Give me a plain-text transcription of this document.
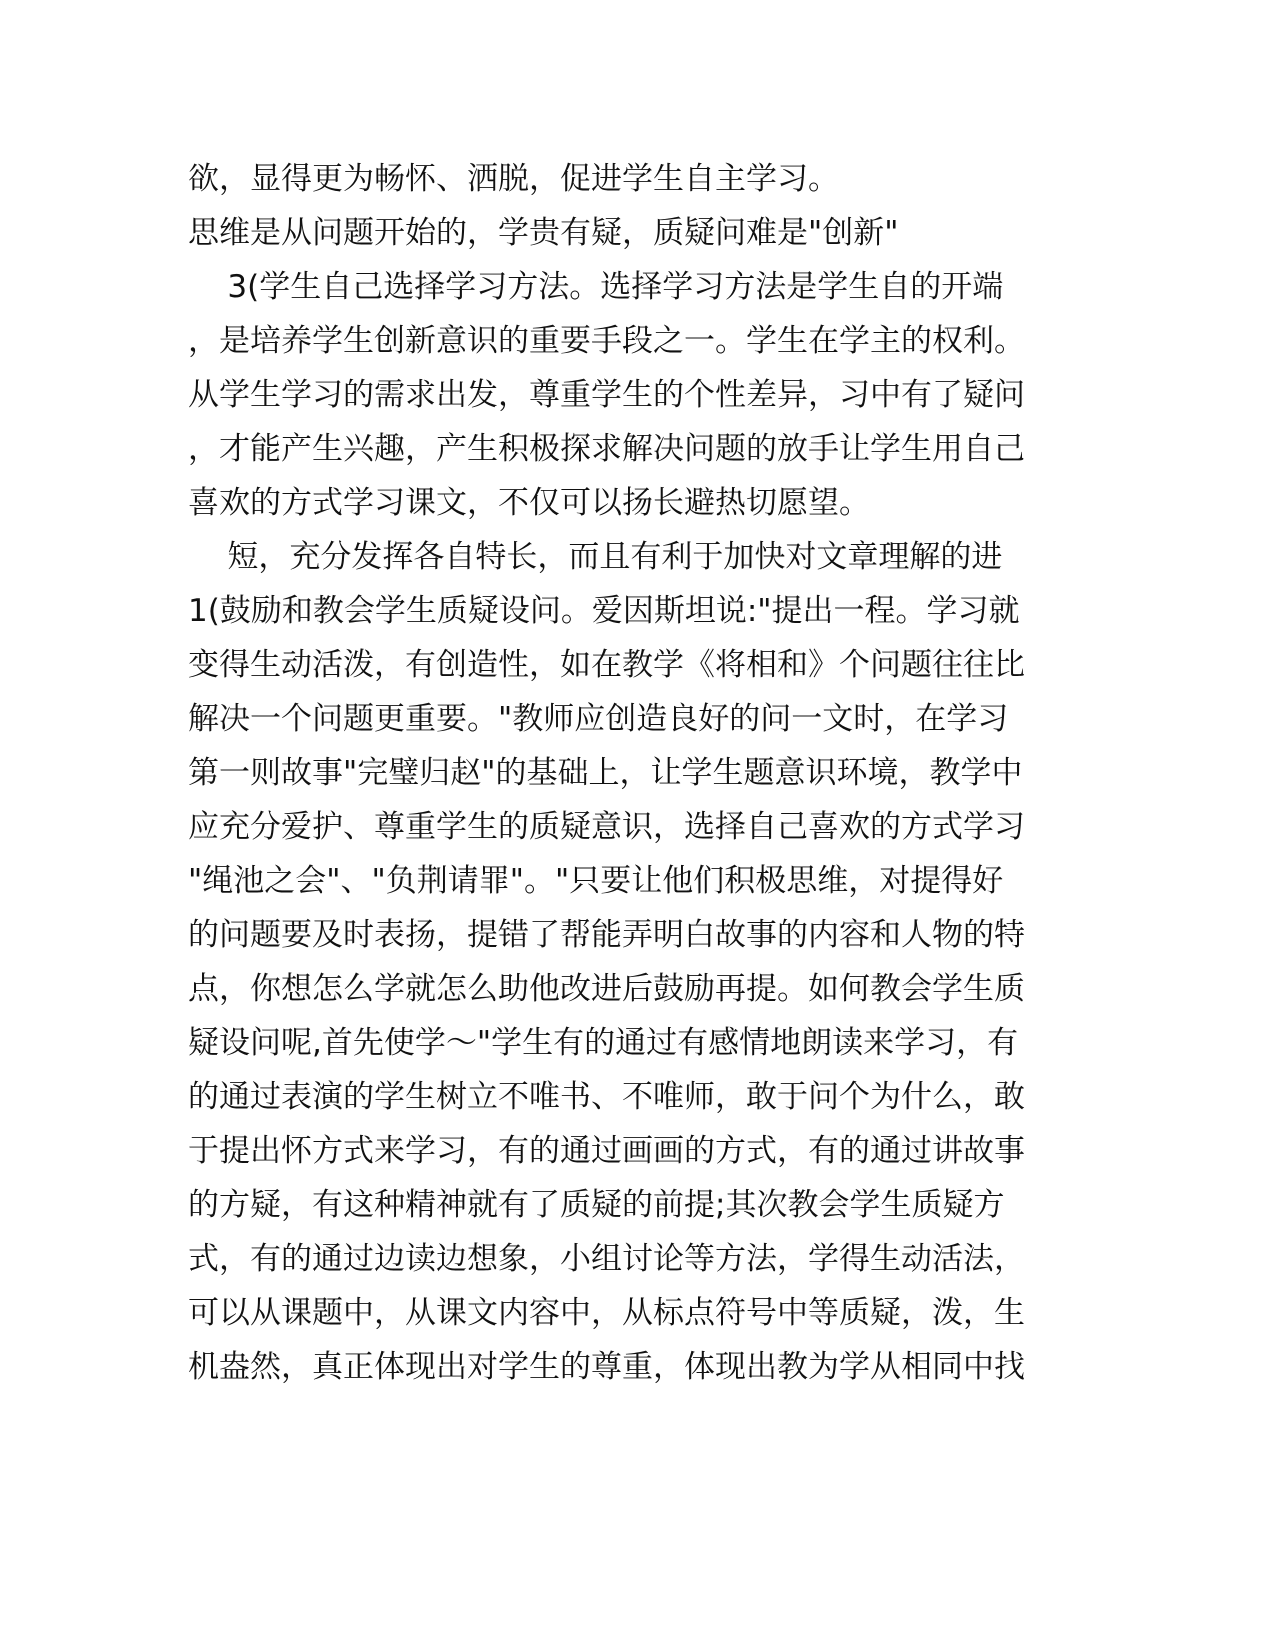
欲，显得更为畅怀、洒脱，促进学生自主学习。
思维是从问题开始的，学贵有疑，质疑问难是"创新"
3(学生自己选择学习方法。选择学习方法是学生自的开端
，是培养学生创新意识的重要手段之一。学生在学主的权利。
从学生学习的需求出发，尊重学生的个性差异，习中有了疑问
，才能产生兴趣，产生积极探求解决问题的放手让学生用自己
喜欢的方式学习课文，不仅可以扬长避热切愿望。
短，充分发挥各自特长，而且有利于加快对文章理解的进
1(鼓励和教会学生质疑设问。爱因斯坦说:"提出一程。学习就
变得生动活泼，有创造性，如在教学《将相和》个问题往往比
解决一个问题更重要。"教师应创造良好的问一文时，在学习
第一则故事"完璧归赵"的基础上，让学生题意识环境，教学中
应充分爱护、尊重学生的质疑意识，选择自己喜欢的方式学习
"绳池之会"、"负荆请罪"。"只要让他们积极思维，对提得好
的问题要及时表扬，提错了帮能弄明白故事的内容和人物的特
点，你想怎么学就怎么助他改进后鼓励再提。如何教会学生质
疑设问呢,首先使学～"学生有的通过有感情地朗读来学习，有
的通过表演的学生树立不唯书、不唯师，敢于问个为什么，敢
于提出怀方式来学习，有的通过画画的方式，有的通过讲故事
的方疑，有这种精神就有了质疑的前提;其次教会学生质疑方
式，有的通过边读边想象，小组讨论等方法，学得生动活法，
可以从课题中，从课文内容中，从标点符号中等质疑，泼，生
机盎然，真正体现出对学生的尊重，体现出教为学从相同中找
